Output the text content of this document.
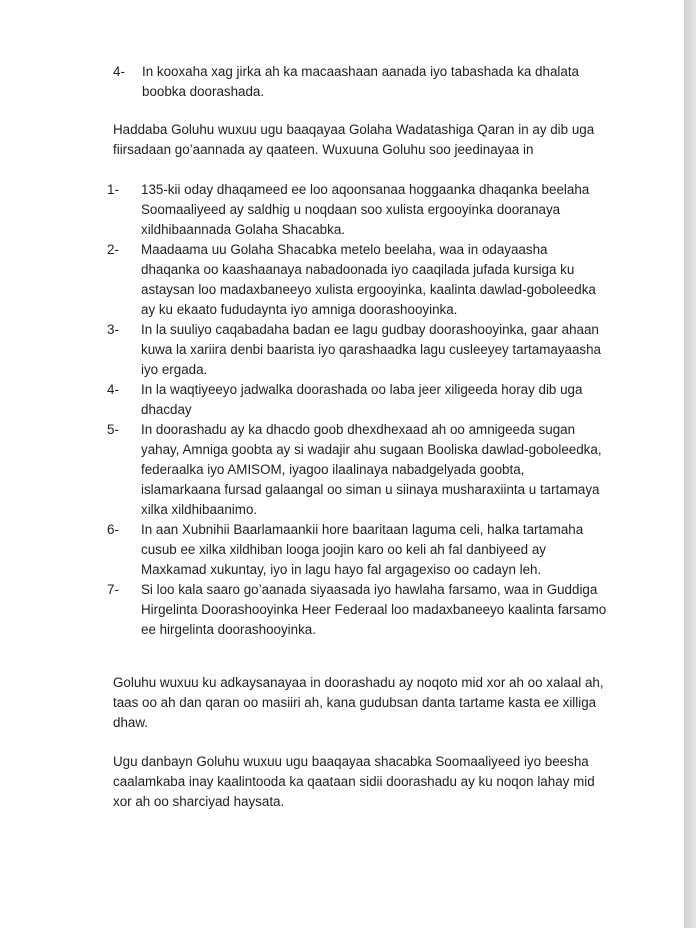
4-	In kooxaha xag jirka ah ka macaashaan aanada iyo tabashada ka dhalata boobka doorashada.

Haddaba Goluhu wuxuu ugu baaqayaa Golaha Wadatashiga Qaran in ay dib uga fiirsadaan go’aannada ay qaateen. Wuxuuna Goluhu soo jeedinayaa in

1-	135-kii oday dhaqameed ee loo aqoonsanaa hoggaanka dhaqanka beelaha Soomaaliyeed ay saldhig u noqdaan soo xulista ergooyinka dooranaya xildhibaannada Golaha Shacabka.
2-	Maadaama uu Golaha Shacabka metelo beelaha, waa in odayaasha dhaqanka oo kaashaanaya nabadoonada iyo caaqilada jufada kursiga ku astaysan loo madaxbaneeyo xulista ergooyinka, kaalinta dawlad-goboleedka ay ku ekaato fududaynta iyo amniga doorashooyinka.
3-	In la suuliyo caqabadaha badan ee lagu gudbay doorashooyinka, gaar ahaan kuwa la xariira denbi baarista iyo qarashaadka lagu cusleeyey tartamayaasha iyo ergada.
4-	In la waqtiyeeyo jadwalka doorashada oo laba jeer xiligeeda horay dib uga dhacday
5-	In doorashadu ay ka dhacdo goob dhexdhexaad ah oo amnigeeda sugan yahay, Amniga goobta ay si wadajir ahu sugaan Booliska dawlad-goboleedka, federaalka iyo AMISOM, iyagoo ilaalinaya nabadgelyada goobta, islamarkaana fursad galaangal oo siman u siinaya musharaxiinta u tartamaya xilka xildhibaanimo.
6-	In aan Xubnihii Baarlamaankii hore baaritaan laguma celi, halka tartamaha cusub ee xilka xildhiban looga joojin karo oo keli ah fal danbiyeed ay Maxkamad xukuntay, iyo in lagu hayo fal argagexiso oo cadayn leh.
7-	Si loo kala saaro go’aanada siyaasada iyo hawlaha farsamo, waa in Guddiga Hirgelinta Doorashooyinka Heer Federaal loo madaxbaneeyo kaalinta farsamo ee hirgelinta doorashooyinka.

Goluhu wuxuu ku adkaysanayaa in doorashadu ay noqoto mid xor ah oo xalaal ah, taas oo ah dan qaran oo masiiri ah, kana gudubsan danta tartame kasta ee xilliga dhaw.

Ugu danbayn Goluhu wuxuu ugu baaqayaa shacabka Soomaaliyeed iyo beesha caalamkaba inay kaalintooda ka qaataan sidii doorashadu ay ku noqon lahay mid xor ah oo sharciyad haysata.
